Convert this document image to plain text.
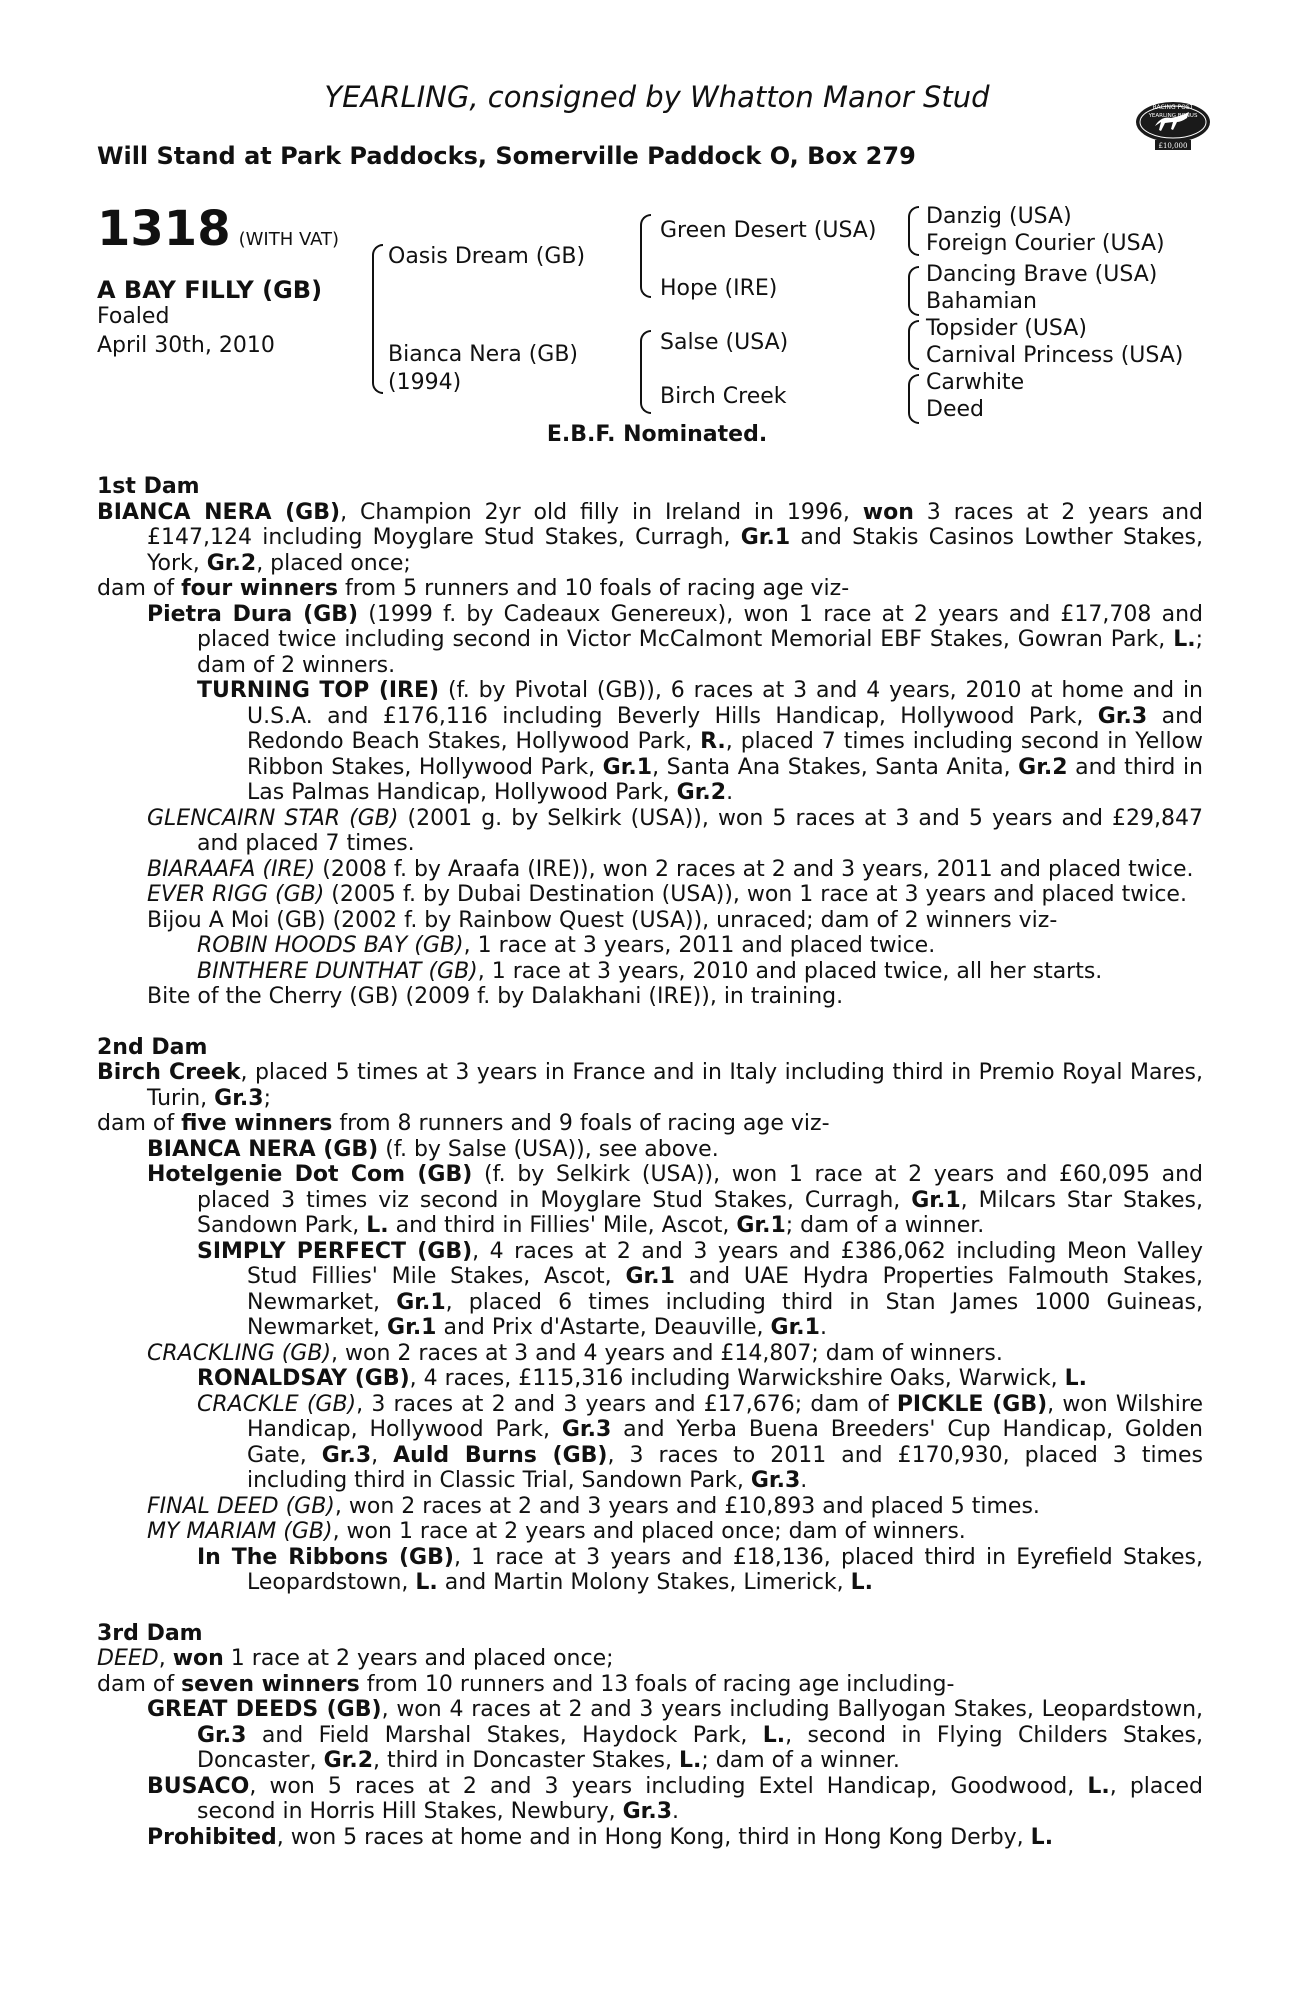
YEARLING, consigned by Whatton Manor Stud
Will Stand at Park Paddocks, Somerville Paddock O, Box 279
RACING POST
YEARLING BONUS
£10,000
1318 (WITH VAT)
A BAY FILLY (GB)
Foaled
April 30th, 2010
Oasis Dream (GB)
Bianca Nera (GB)
(1994)
Green Desert (USA)
Hope (IRE)
Salse (USA)
Birch Creek
Danzig (USA)
Foreign Courier (USA)
Dancing Brave (USA)
Bahamian
Topsider (USA)
Carnival Princess (USA)
Carwhite
Deed
E.B.F. Nominated.
1st Dam
BIANCA NERA (GB), Champion 2yr old filly in Ireland in 1996, won 3 races at 2 years and £147,124 including Moyglare Stud Stakes, Curragh, Gr.1 and Stakis Casinos Lowther Stakes, York, Gr.2, placed once;
dam of four winners from 5 runners and 10 foals of racing age viz-
Pietra Dura (GB) (1999 f. by Cadeaux Genereux), won 1 race at 2 years and £17,708 and placed twice including second in Victor McCalmont Memorial EBF Stakes, Gowran Park, L.; dam of 2 winners.
TURNING TOP (IRE) (f. by Pivotal (GB)), 6 races at 3 and 4 years, 2010 at home and in U.S.A. and £176,116 including Beverly Hills Handicap, Hollywood Park, Gr.3 and Redondo Beach Stakes, Hollywood Park, R., placed 7 times including second in Yellow Ribbon Stakes, Hollywood Park, Gr.1, Santa Ana Stakes, Santa Anita, Gr.2 and third in Las Palmas Handicap, Hollywood Park, Gr.2.
GLENCAIRN STAR (GB) (2001 g. by Selkirk (USA)), won 5 races at 3 and 5 years and £29,847 and placed 7 times.
BIARAAFA (IRE) (2008 f. by Araafa (IRE)), won 2 races at 2 and 3 years, 2011 and placed twice.
EVER RIGG (GB) (2005 f. by Dubai Destination (USA)), won 1 race at 3 years and placed twice.
Bijou A Moi (GB) (2002 f. by Rainbow Quest (USA)), unraced; dam of 2 winners viz-
ROBIN HOODS BAY (GB), 1 race at 3 years, 2011 and placed twice.
BINTHERE DUNTHAT (GB), 1 race at 3 years, 2010 and placed twice, all her starts.
Bite of the Cherry (GB) (2009 f. by Dalakhani (IRE)), in training.
2nd Dam
Birch Creek, placed 5 times at 3 years in France and in Italy including third in Premio Royal Mares, Turin, Gr.3;
dam of five winners from 8 runners and 9 foals of racing age viz-
BIANCA NERA (GB) (f. by Salse (USA)), see above.
Hotelgenie Dot Com (GB) (f. by Selkirk (USA)), won 1 race at 2 years and £60,095 and placed 3 times viz second in Moyglare Stud Stakes, Curragh, Gr.1, Milcars Star Stakes, Sandown Park, L. and third in Fillies' Mile, Ascot, Gr.1; dam of a winner.
SIMPLY PERFECT (GB), 4 races at 2 and 3 years and £386,062 including Meon Valley Stud Fillies' Mile Stakes, Ascot, Gr.1 and UAE Hydra Properties Falmouth Stakes, Newmarket, Gr.1, placed 6 times including third in Stan James 1000 Guineas, Newmarket, Gr.1 and Prix d'Astarte, Deauville, Gr.1.
CRACKLING (GB), won 2 races at 3 and 4 years and £14,807; dam of winners.
RONALDSAY (GB), 4 races, £115,316 including Warwickshire Oaks, Warwick, L.
CRACKLE (GB), 3 races at 2 and 3 years and £17,676; dam of PICKLE (GB), won Wilshire Handicap, Hollywood Park, Gr.3 and Yerba Buena Breeders' Cup Handicap, Golden Gate, Gr.3, Auld Burns (GB), 3 races to 2011 and £170,930, placed 3 times including third in Classic Trial, Sandown Park, Gr.3.
FINAL DEED (GB), won 2 races at 2 and 3 years and £10,893 and placed 5 times.
MY MARIAM (GB), won 1 race at 2 years and placed once; dam of winners.
In The Ribbons (GB), 1 race at 3 years and £18,136, placed third in Eyrefield Stakes, Leopardstown, L. and Martin Molony Stakes, Limerick, L.
3rd Dam
DEED, won 1 race at 2 years and placed once;
dam of seven winners from 10 runners and 13 foals of racing age including-
GREAT DEEDS (GB), won 4 races at 2 and 3 years including Ballyogan Stakes, Leopardstown, Gr.3 and Field Marshal Stakes, Haydock Park, L., second in Flying Childers Stakes, Doncaster, Gr.2, third in Doncaster Stakes, L.; dam of a winner.
BUSACO, won 5 races at 2 and 3 years including Extel Handicap, Goodwood, L., placed second in Horris Hill Stakes, Newbury, Gr.3.
Prohibited, won 5 races at home and in Hong Kong, third in Hong Kong Derby, L.
